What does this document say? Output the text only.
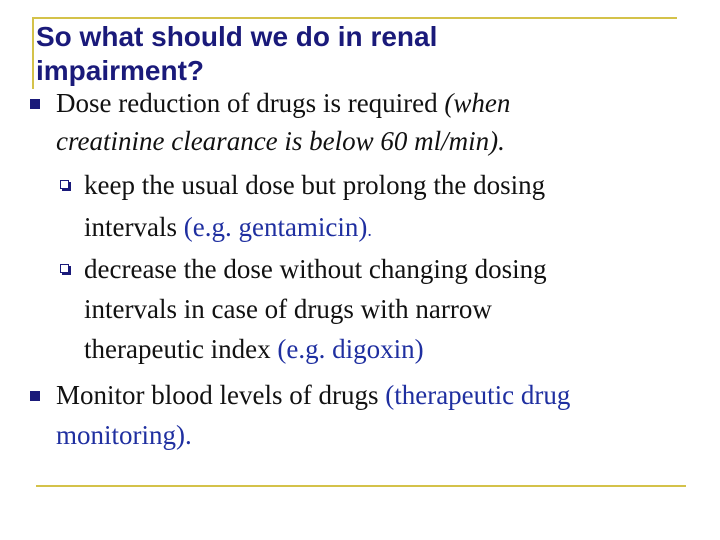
So what should we do in renal impairment?
Dose reduction of drugs is required (when
creatinine clearance is below 60 ml/min).
keep the usual dose but prolong the dosing
intervals (e.g. gentamicin).
decrease the dose without changing dosing
intervals in case of drugs with narrow
therapeutic index (e.g. digoxin)
Monitor blood levels of drugs (therapeutic drug
monitoring).
